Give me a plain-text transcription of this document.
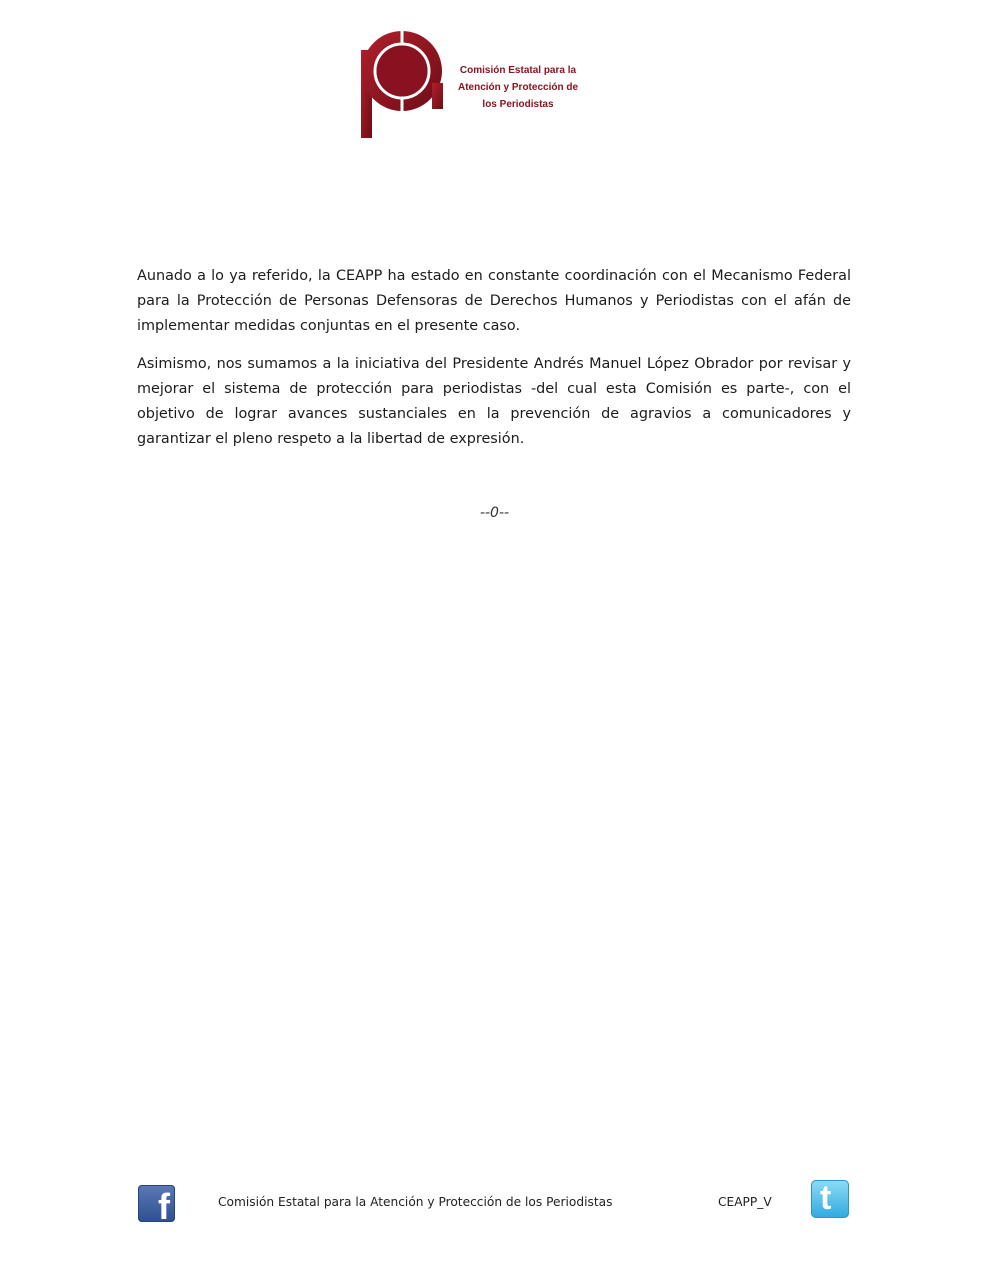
Comisión Estatal para la
Atención y Protección de
los Periodistas

Aunado a lo ya referido, la CEAPP ha estado en constante coordinación con el Mecanismo Federal para la Protección de Personas Defensoras de Derechos Humanos y Periodistas con el afán de implementar medidas conjuntas en el presente caso.

Asimismo, nos sumamos a la iniciativa del Presidente Andrés Manuel López Obrador por revisar y mejorar el sistema de protección para periodistas -del cual esta Comisión es parte-, con el objetivo de lograr avances sustanciales en la prevención de agravios a comunicadores y garantizar el pleno respeto a la libertad de expresión.

--0--
f	Comisión Estatal para la Atención y Protección de los Periodistas	CEAPP_V t
